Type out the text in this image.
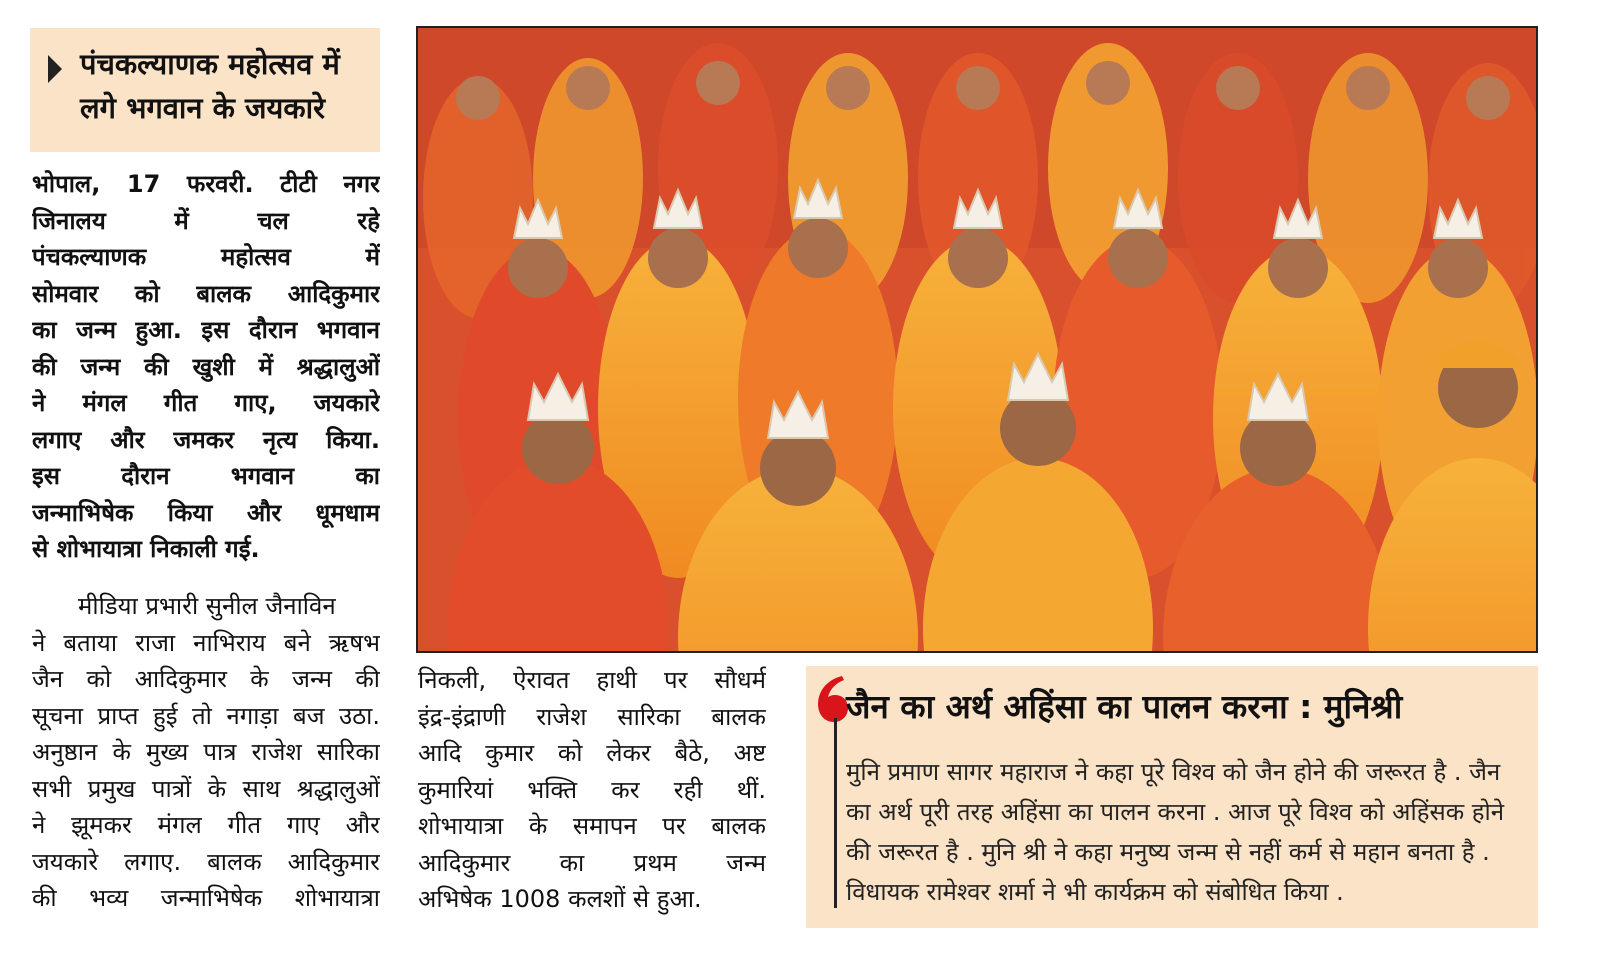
पंचकल्याणक महोत्सव में
लगे भगवान के जयकारे
भोपाल, 17 फरवरी. टीटी नगर
जिनालय में चल रहे
पंचकल्याणक महोत्सव में
सोमवार को बालक आदिकुमार
का जन्म हुआ. इस दौरान भगवान
की जन्म की खुशी में श्रद्धालुओं
ने मंगल गीत गाए, जयकारे
लगाए और जमकर नृत्य किया.
इस दौरान भगवान का
जन्माभिषेक किया और धूमधाम
से शोभायात्रा निकाली गई.
मीडिया प्रभारी सुनील जैनाविन
ने बताया राजा नाभिराय बने ऋषभ
जैन को आदिकुमार के जन्म की
सूचना प्राप्त हुई तो नगाड़ा बज उठा.
अनुष्ठान के मुख्य पात्र राजेश सारिका
सभी प्रमुख पात्रों के साथ श्रद्धालुओं
ने झूमकर मंगल गीत गाए और
जयकारे लगाए. बालक आदिकुमार
की भव्य जन्माभिषेक शोभायात्रा
निकली, ऐरावत हाथी पर सौधर्म
इंद्र-इंद्राणी राजेश सारिका बालक
आदि कुमार को लेकर बैठे, अष्ट
कुमारियां भक्ति कर रही थीं.
शोभायात्रा के समापन पर बालक
आदिकुमार का प्रथम जन्म
अभिषेक 1008 कलशों से हुआ.
जैन का अर्थ अहिंसा का पालन करना : मुनिश्री
मुनि प्रमाण सागर महाराज ने कहा पूरे विश्व को जैन होने की जरूरत है . जैन
का अर्थ पूरी तरह अहिंसा का पालन करना . आज पूरे विश्व को अहिंसक होने
की जरूरत है . मुनि श्री ने कहा मनुष्य जन्म से नहीं कर्म से महान बनता है .
विधायक रामेश्वर शर्मा ने भी कार्यक्रम को संबोधित किया .
